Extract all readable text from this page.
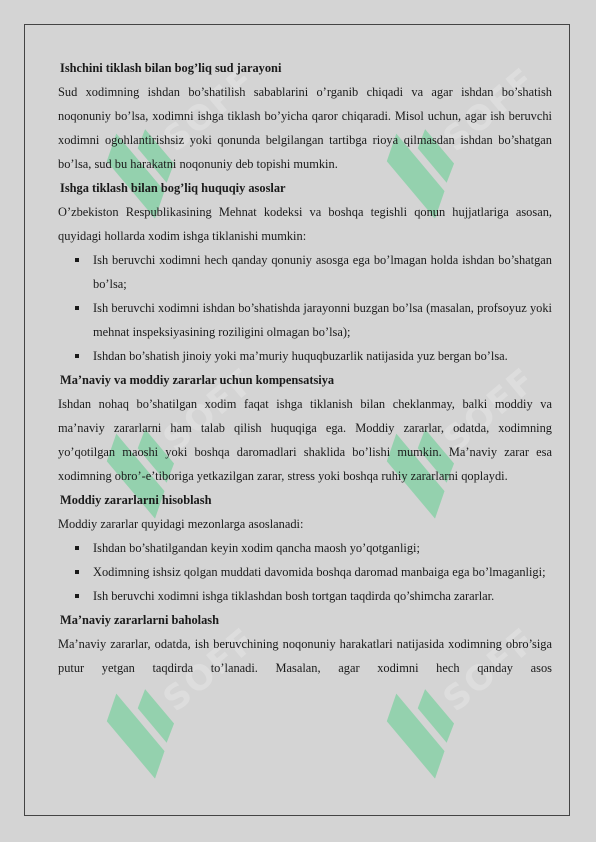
SOFF	SOFF
SOFF	SOFF
SOFF	SOFF
Ishchini tiklash bilan bog’liq sud jarayoni
Sud xodimning ishdan bo’shatilish sabablarini o’rganib chiqadi va agar ishdan bo’shatish noqonuniy bo’lsa, xodimni ishga tiklash bo’yicha qaror chiqaradi. Misol uchun, agar ish beruvchi xodimni ogohlantirishsiz yoki qonunda belgilangan tartibga rioya qilmasdan ishdan bo’shatgan bo’lsa, sud bu harakatni noqonuniy deb topishi mumkin.
Ishga tiklash bilan bog’liq huquqiy asoslar
O’zbekiston Respublikasining Mehnat kodeksi va boshqa tegishli qonun hujjatlariga asosan, quyidagi hollarda xodim ishga tiklanishi mumkin:
Ish beruvchi xodimni hech qanday qonuniy asosga ega bo’lmagan holda ishdan bo’shatgan bo’lsa;
Ish beruvchi xodimni ishdan bo’shatishda jarayonni buzgan bo’lsa (masalan, profsoyuz yoki mehnat inspeksiyasining roziligini olmagan bo’lsa);
Ishdan bo’shatish jinoiy yoki ma’muriy huquqbuzarlik natijasida yuz bergan bo’lsa.
Ma’naviy va moddiy zararlar uchun kompensatsiya
Ishdan nohaq bo’shatilgan xodim faqat ishga tiklanish bilan cheklanmay, balki moddiy va ma’naviy zararlarni ham talab qilish huquqiga ega. Moddiy zararlar, odatda, xodimning yo’qotilgan maoshi yoki boshqa daromadlari shaklida bo’lishi mumkin. Ma’naviy zarar esa xodimning obro’-e’tiboriga yetkazilgan zarar, stress yoki boshqa ruhiy zararlarni qoplaydi.
Moddiy zararlarni hisoblash
Moddiy zararlar quyidagi mezonlarga asoslanadi:
Ishdan bo’shatilgandan keyin xodim qancha maosh yo’qotganligi;
Xodimning ishsiz qolgan muddati davomida boshqa daromad manbaiga ega bo’lmaganligi;
Ish beruvchi xodimni ishga tiklashdan bosh tortgan taqdirda qo’shimcha zararlar.
Ma’naviy zararlarni baholash
Ma’naviy zararlar, odatda, ish beruvchining noqonuniy harakatlari natijasida xodimning obro’siga putur yetgan taqdirda to’lanadi. Masalan, agar xodimni hech qanday asos
